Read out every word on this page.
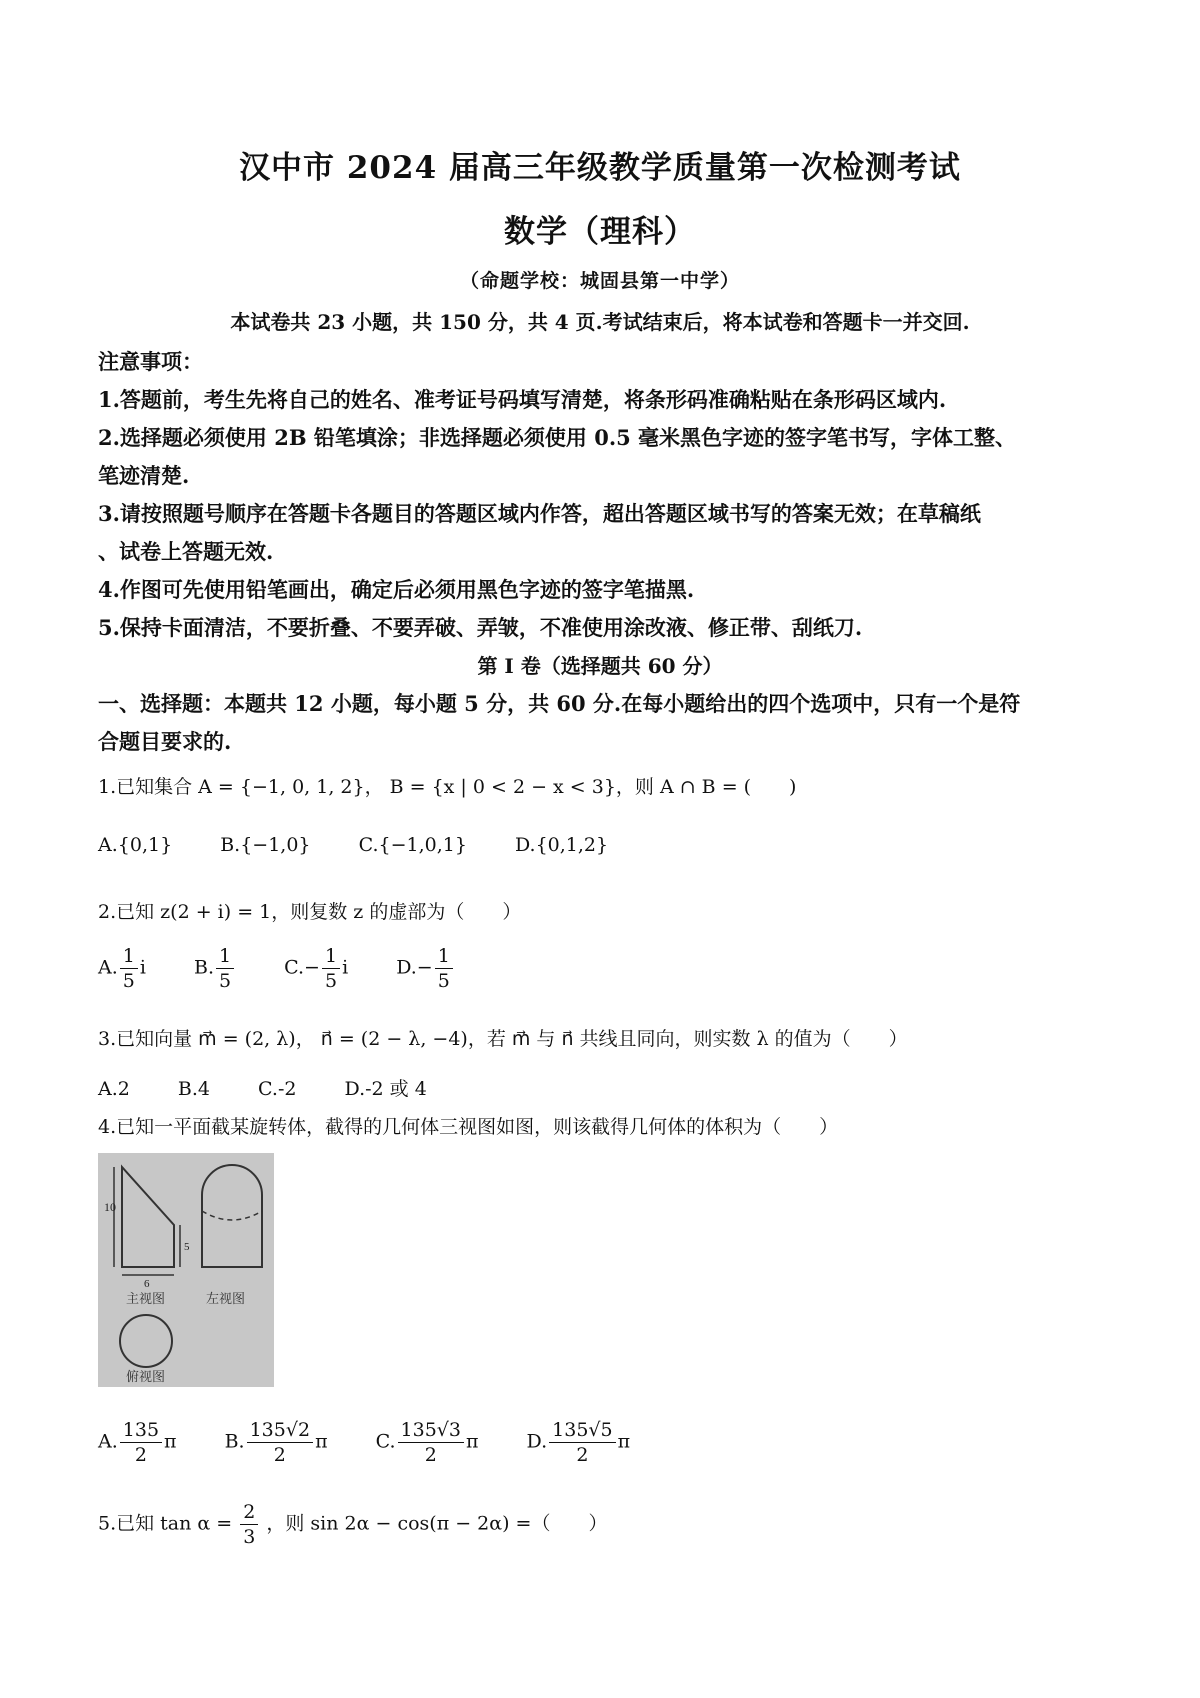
汉中市 2024 届高三年级教学质量第一次检测考试
数学（理科）
（命题学校：城固县第一中学）
本试卷共 23 小题，共 150 分，共 4 页.考试结束后，将本试卷和答题卡一并交回.
注意事项：
1.答题前，考生先将自己的姓名、准考证号码填写清楚，将条形码准确粘贴在条形码区域内.
2.选择题必须使用 2B 铅笔填涂；非选择题必须使用 0.5 毫米黑色字迹的签字笔书写，字体工整、
笔迹清楚.
3.请按照题号顺序在答题卡各题目的答题区域内作答，超出答题区域书写的答案无效；在草稿纸
、试卷上答题无效.
4.作图可先使用铅笔画出，确定后必须用黑色字迹的签字笔描黑.
5.保持卡面清洁，不要折叠、不要弄破、弄皱，不准使用涂改液、修正带、刮纸刀.
第 I 卷（选择题共 60 分）
一、选择题：本题共 12 小题，每小题 5 分，共 60 分.在每小题给出的四个选项中，只有一个是符
合题目要求的.
1.已知集合 A = {−1, 0, 1, 2}， B = {x | 0 < 2 − x < 3}，则 A ∩ B = (　　)
A.{0,1}	B.{−1,0}	C.{−1,0,1}	D.{0,1,2}
2.已知 z(2 + i) = 1，则复数 z 的虚部为（　　）
A. $\frac{1}{5}$ i	B. $\frac{1}{5}$	$C.- \frac{1}{5}$ i	$D.- \frac{1}{5}$
3.已知向量 m⃗ = (2, λ)， n⃗ = (2 − λ, −4)，若 m⃗ 与 n⃗ 共线且同向，则实数 λ 的值为（　　）
A.2	B.4	C.-2	D.-2 或 4
4.已知一平面截某旋转体，截得的几何体三视图如图，则该截得几何体的体积为（　　）
10
5
6
主视图	左视图
俯视图
A. $\frac{135}{2}$ π	B. $\frac{135√2}{2}$ π	C. $\frac{135√3}{2}$ π	D. $\frac{135√5}{2}$ π
5.已知 $\tan \alpha = \frac{2}{3}$ ，则 sin 2α − cos(π − 2α) =（　　）
